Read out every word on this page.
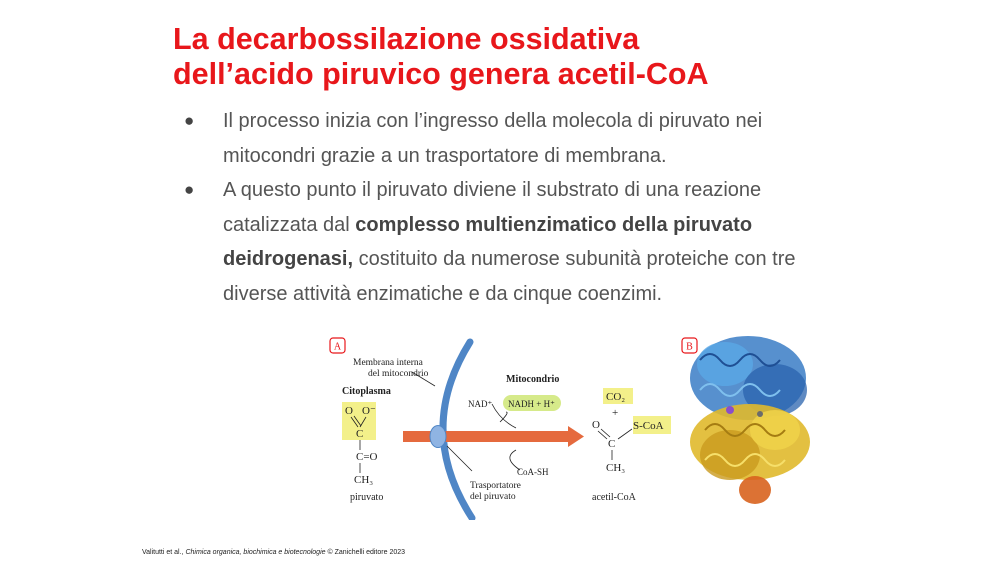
La decarbossilazione ossidativa
dell’acido piruvico genera acetil-CoA
● Il processo inizia con l’ingresso della molecola di piruvato nei mitocondri grazie a un trasportatore di membrana.
● A questo punto il piruvato diviene il substrato di una reazione catalizzata dal complesso multienzimatico della piruvato deidrogenasi, costituito da numerose subunità proteiche con tre diverse attività enzimatiche e da cinque coenzimi.
A
Membrana interna
del mitocondrio
Citoplasma
O O⁻
C
C=O
CH₃
piruvato
Mitocondrio
NAD⁺ NADH + H⁺
CoA-SH
Trasportatore
del piruvato
CO₂
+
O
C
S-CoA
CH₃
acetil-CoA
B
Valitutti et al., Chimica organica, biochimica e biotecnologie © Zanichelli editore 2023
